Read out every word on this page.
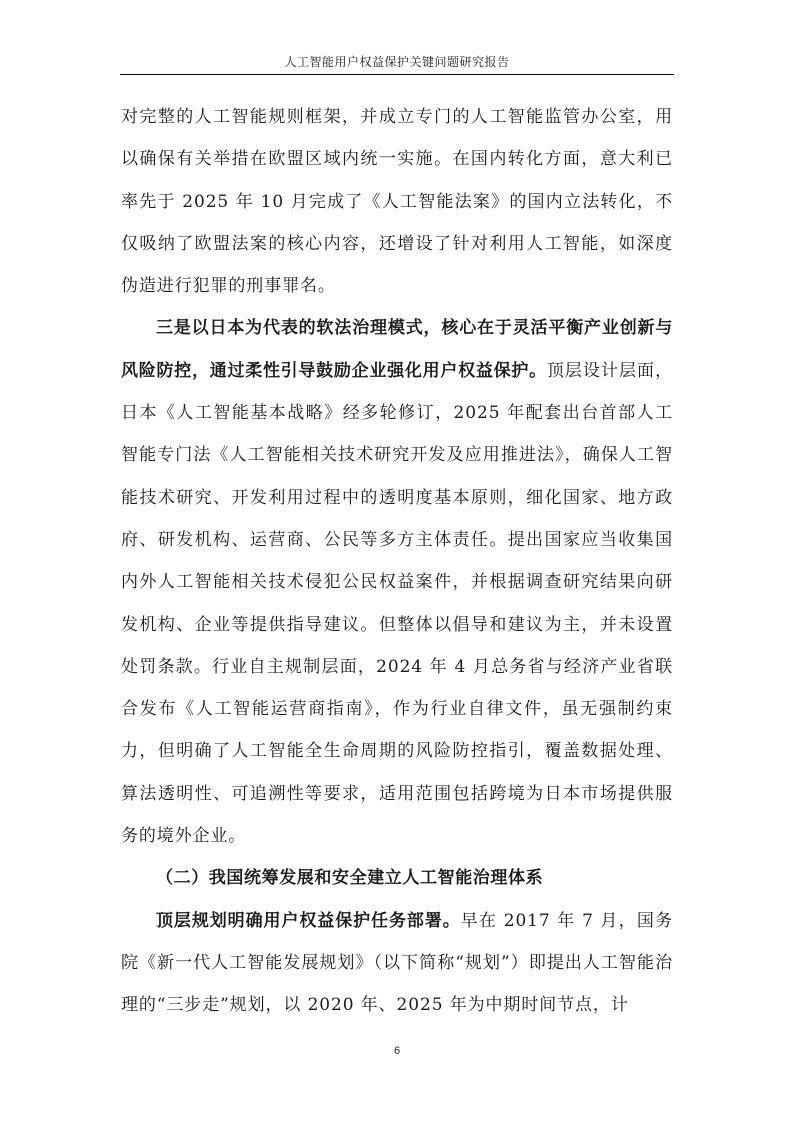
人工智能用户权益保护关键问题研究报告

对完整的人工智能规则框架，并成立专门的人工智能监管办公室，用以确保有关举措在欧盟区域内统一实施。在国内转化方面，意大利已率先于 2025 年 10 月完成了《人工智能法案》的国内立法转化，不仅吸纳了欧盟法案的核心内容，还增设了针对利用人工智能，如深度伪造进行犯罪的刑事罪名。

三是以日本为代表的软法治理模式，核心在于灵活平衡产业创新与风险防控，通过柔性引导鼓励企业强化用户权益保护。顶层设计层面，日本《人工智能基本战略》经多轮修订，2025 年配套出台首部人工智能专门法《人工智能相关技术研究开发及应用推进法》，确保人工智能技术研究、开发利用过程中的透明度基本原则，细化国家、地方政府、研发机构、运营商、公民等多方主体责任。提出国家应当收集国内外人工智能相关技术侵犯公民权益案件，并根据调查研究结果向研发机构、企业等提供指导建议。但整体以倡导和建议为主，并未设置处罚条款。行业自主规制层面，2024 年 4 月总务省与经济产业省联合发布《人工智能运营商指南》，作为行业自律文件，虽无强制约束力，但明确了人工智能全生命周期的风险防控指引，覆盖数据处理、算法透明性、可追溯性等要求，适用范围包括跨境为日本市场提供服务的境外企业。

（二）我国统筹发展和安全建立人工智能治理体系

顶层规划明确用户权益保护任务部署。早在 2017 年 7 月，国务院《新一代人工智能发展规划》（以下简称“规划”）即提出人工智能治理的“三步走”规划，以 2020 年、2025 年为中期时间节点，计

6
